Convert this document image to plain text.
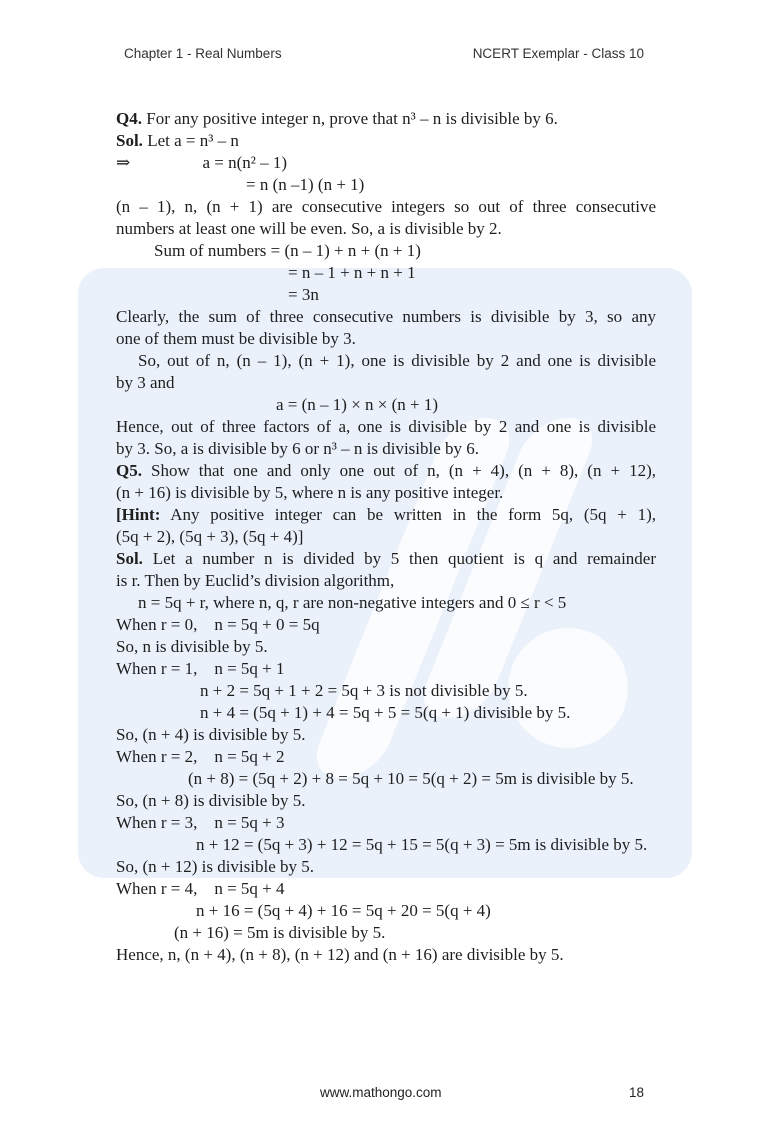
Chapter 1 - Real Numbers	NCERT Exemplar - Class 10
Q4. For any positive integer n, prove that n³ – n is divisible by 6.
Sol. Let a = n³ – n
⇒                 a = n(n² – 1)
= n (n –1) (n + 1)
(n – 1), n, (n + 1) are consecutive integers so out of three consecutive
numbers at least one will be even. So, a is divisible by 2.
Sum of numbers = (n – 1) + n + (n + 1)
= n – 1 + n + n + 1
= 3n
Clearly, the sum of three consecutive numbers is divisible by 3, so any
one of them must be divisible by 3.
So, out of n, (n – 1), (n + 1), one is divisible by 2 and one is divisible
by 3 and
a = (n – 1) × n × (n + 1)
Hence, out of three factors of a, one is divisible by 2 and one is divisible
by 3. So, a is divisible by 6 or n³ – n is divisible by 6.
Q5. Show that one and only one out of n, (n + 4), (n + 8), (n + 12),
(n + 16) is divisible by 5, where n is any positive integer.
[Hint: Any positive integer can be written in the form 5q, (5q + 1),
(5q + 2), (5q + 3), (5q + 4)]
Sol. Let a number n is divided by 5 then quotient is q and remainder
is r. Then by Euclid’s division algorithm,
n = 5q + r, where n, q, r are non-negative integers and 0 ≤ r < 5
When r = 0,    n = 5q + 0 = 5q
So, n is divisible by 5.
When r = 1,    n = 5q + 1
n + 2 = 5q + 1 + 2 = 5q + 3 is not divisible by 5.
n + 4 = (5q + 1) + 4 = 5q + 5 = 5(q + 1) divisible by 5.
So, (n + 4) is divisible by 5.
When r = 2,    n = 5q + 2
(n + 8) = (5q + 2) + 8 = 5q + 10 = 5(q + 2) = 5m is divisible by 5.
So, (n + 8) is divisible by 5.
When r = 3,    n = 5q + 3
n + 12 = (5q + 3) + 12 = 5q + 15 = 5(q + 3) = 5m is divisible by 5.
So, (n + 12) is divisible by 5.
When r = 4,    n = 5q + 4
n + 16 = (5q + 4) + 16 = 5q + 20 = 5(q + 4)
(n + 16) = 5m is divisible by 5.
Hence, n, (n + 4), (n + 8), (n + 12) and (n + 16) are divisible by 5.
www.mathongo.com	18
